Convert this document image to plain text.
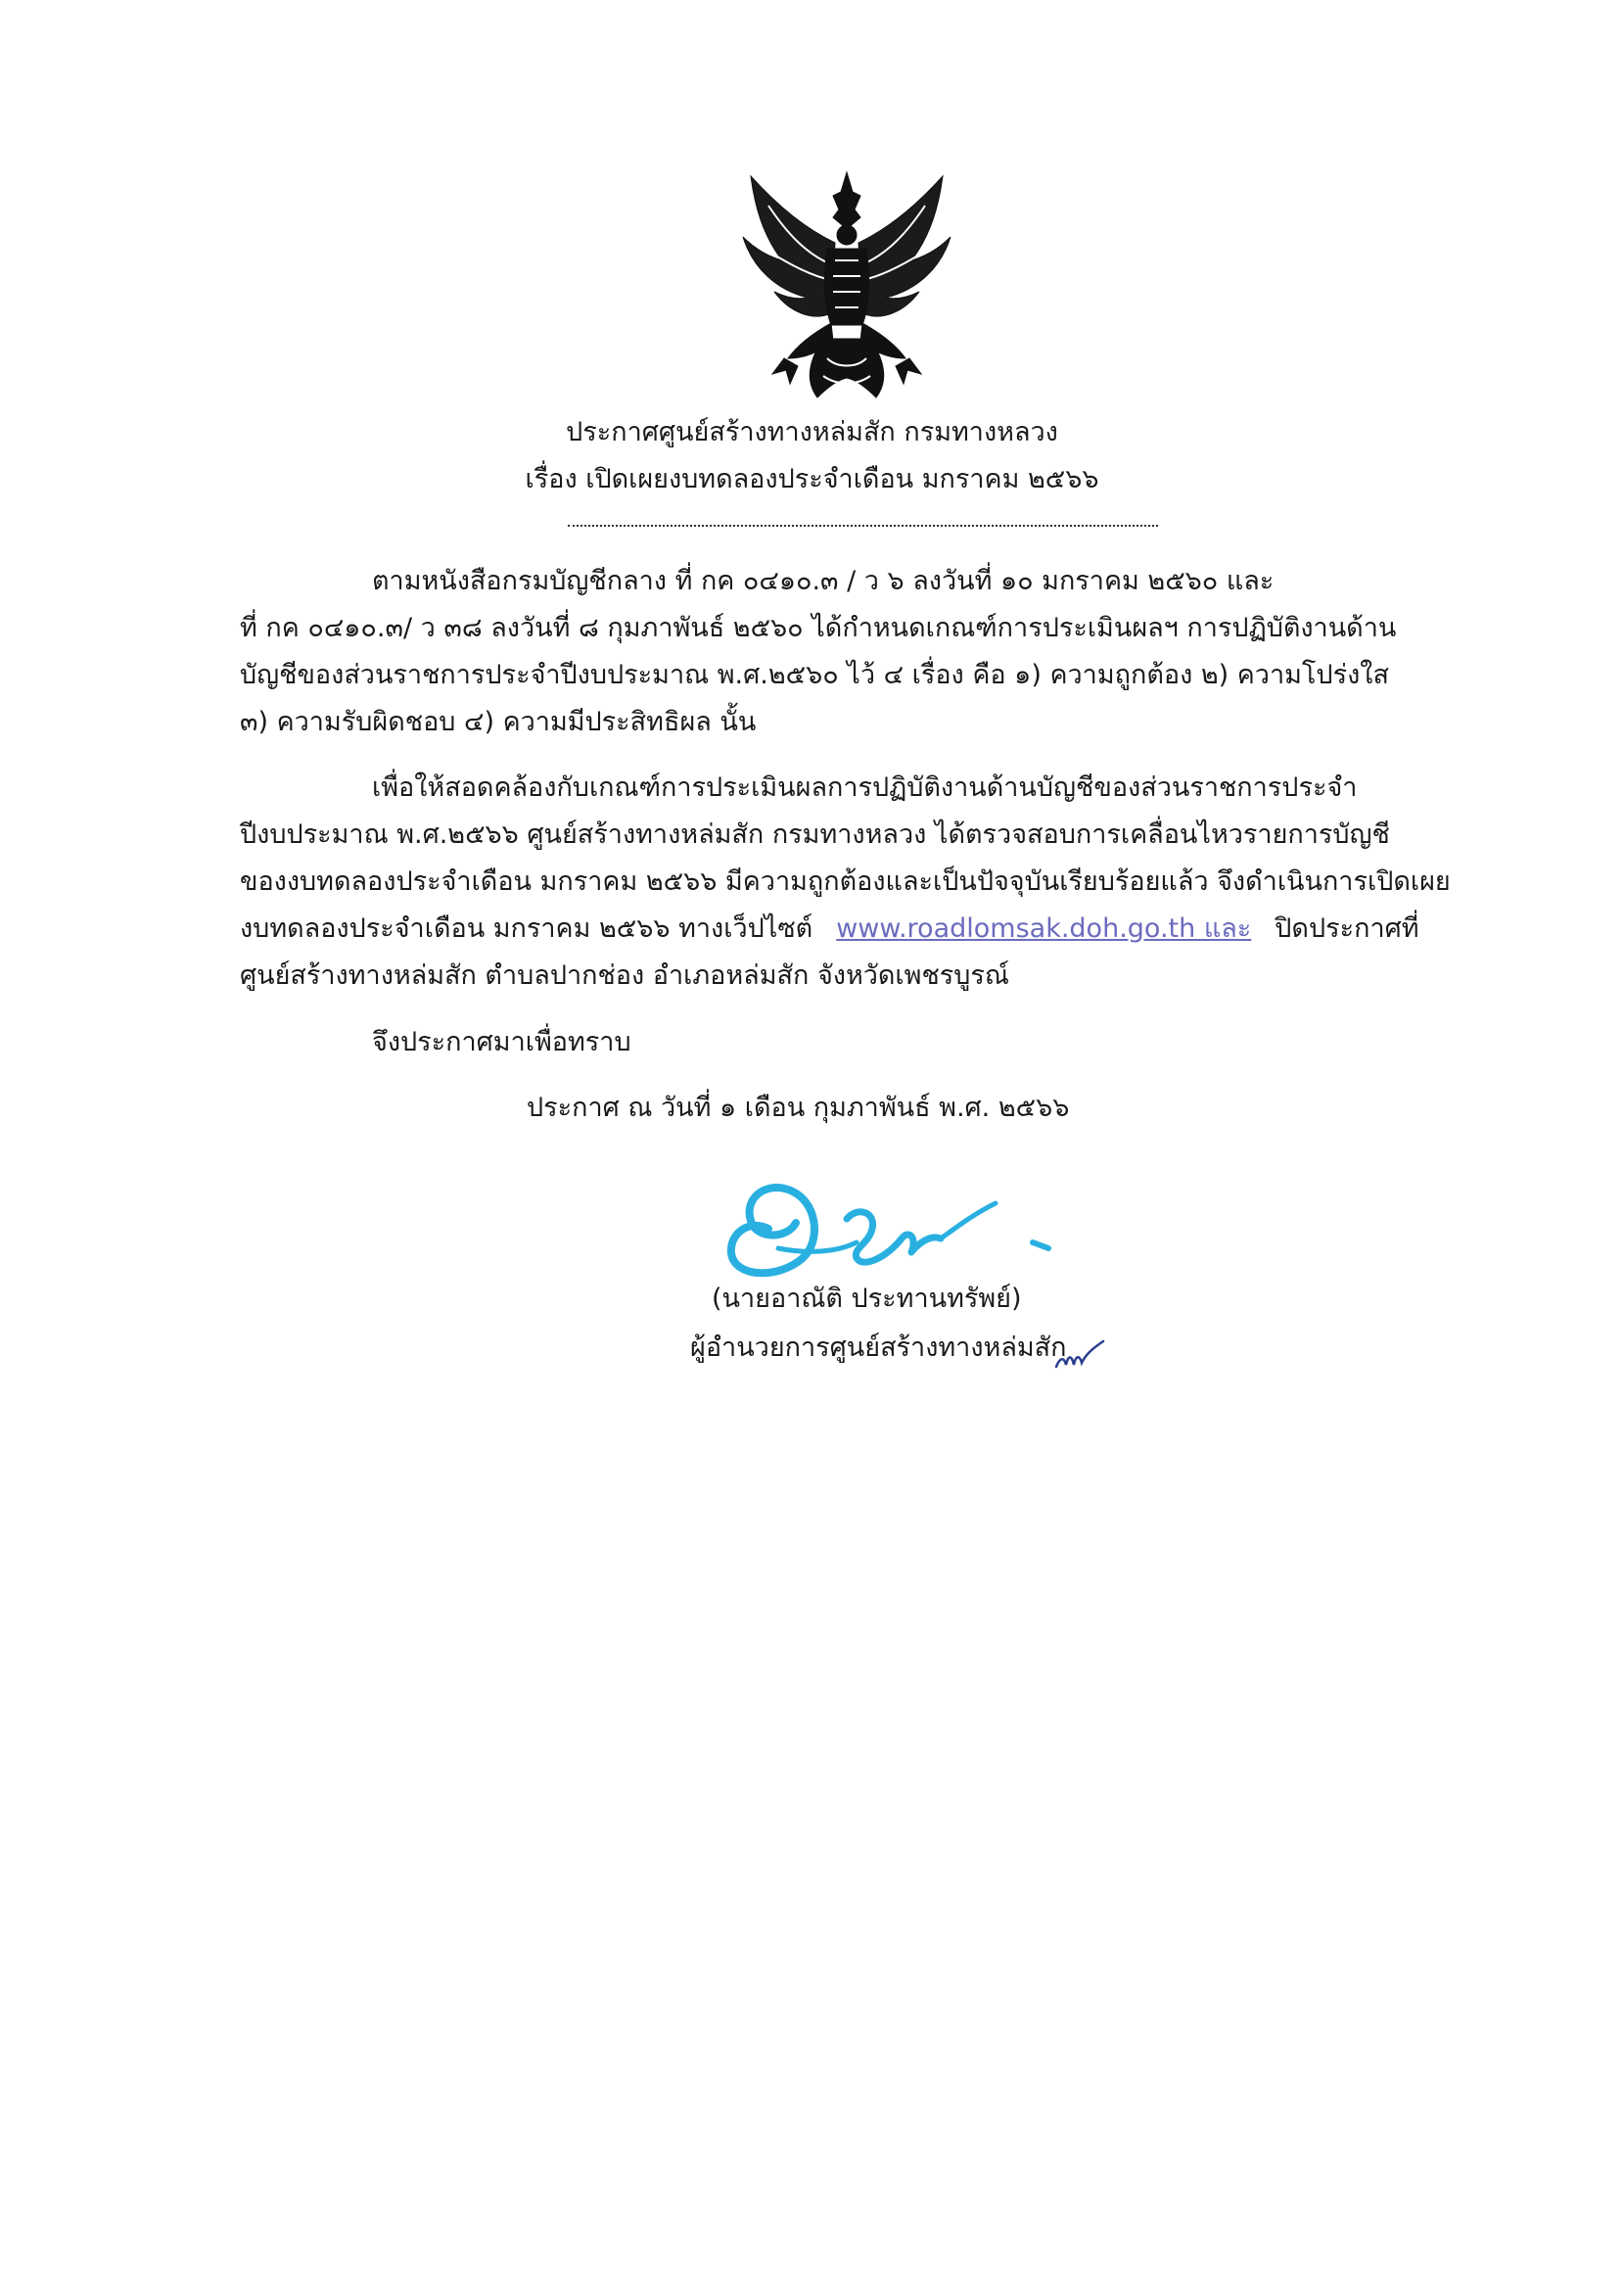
ประกาศศูนย์สร้างทางหล่มสัก กรมทางหลวง
เรื่อง เปิดเผยงบทดลองประจำเดือน มกราคม ๒๕๖๖
ตามหนังสือกรมบัญชีกลาง ที่ กค ๐๔๑๐.๓ / ว ๖ ลงวันที่ ๑๐ มกราคม ๒๕๖๐ และ
ที่ กค ๐๔๑๐.๓/ ว ๓๘ ลงวันที่ ๘ กุมภาพันธ์ ๒๕๖๐ ได้กำหนดเกณฑ์การประเมินผลฯ การปฏิบัติงานด้าน
บัญชีของส่วนราชการประจำปีงบประมาณ พ.ศ.๒๕๖๐ ไว้ ๔ เรื่อง คือ ๑) ความถูกต้อง ๒) ความโปร่งใส
๓) ความรับผิดชอบ ๔) ความมีประสิทธิผล นั้น
เพื่อให้สอดคล้องกับเกณฑ์การประเมินผลการปฏิบัติงานด้านบัญชีของส่วนราชการประจำ
ปีงบประมาณ พ.ศ.๒๕๖๖ ศูนย์สร้างทางหล่มสัก กรมทางหลวง ได้ตรวจสอบการเคลื่อนไหวรายการบัญชี
ของงบทดลองประจำเดือน มกราคม ๒๕๖๖ มีความถูกต้องและเป็นปัจจุบันเรียบร้อยแล้ว จึงดำเนินการเปิดเผย
งบทดลองประจำเดือน มกราคม ๒๕๖๖ ทางเว็ปไซต์ www.roadlomsak.doh.go.th และ ปิดประกาศที่
ศูนย์สร้างทางหล่มสัก ตำบลปากช่อง อำเภอหล่มสัก จังหวัดเพชรบูรณ์
จึงประกาศมาเพื่อทราบ
ประกาศ ณ วันที่ ๑ เดือน กุมภาพันธ์ พ.ศ. ๒๕๖๖
(นายอาณัติ ประทานทรัพย์)
ผู้อำนวยการศูนย์สร้างทางหล่มสัก
